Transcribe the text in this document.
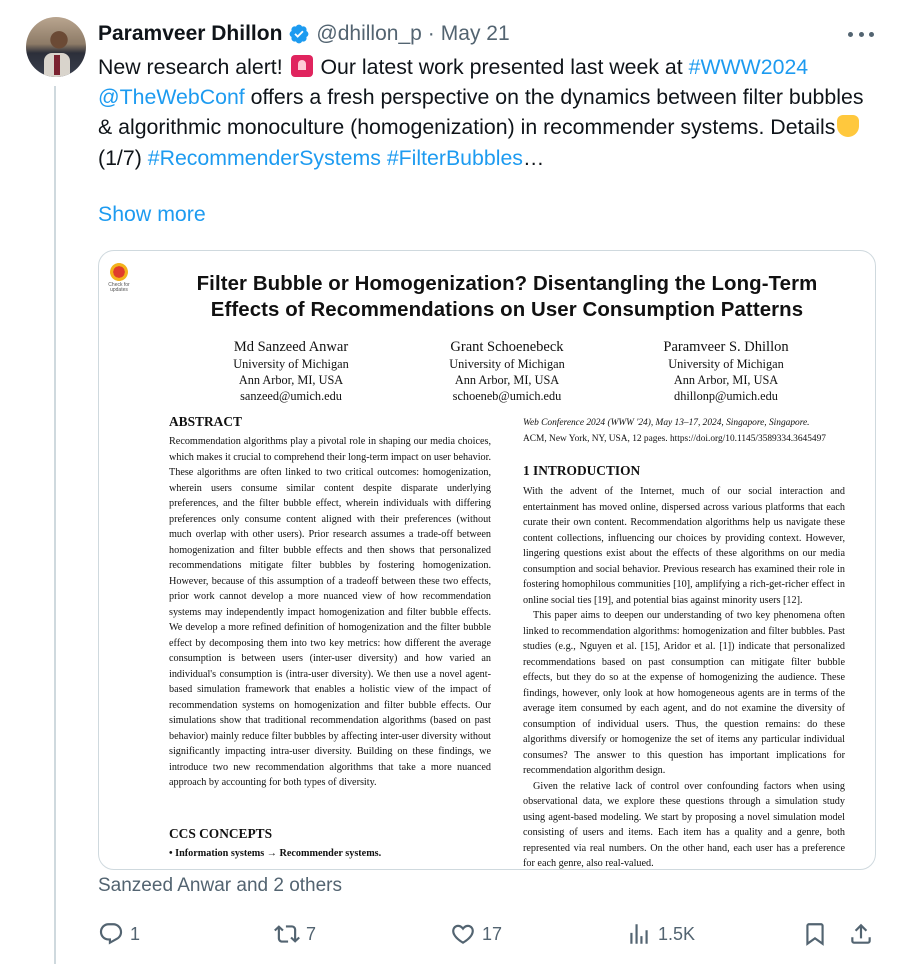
Paramveer Dhillon @dhillon_p · May 21
New research alert!  Our latest work presented last week at #WWW2024 @TheWebConf offers a fresh perspective on the dynamics between filter bubbles & algorithmic monoculture (homogenization) in recommender systems. Details (1/7) #RecommenderSystems #FilterBubbles…
Show more
Check for updates	Filter Bubble or Homogenization? Disentangling the Long-Term
Effects of Recommendations on User Consumption Patterns
Md Sanzeed Anwar
University of Michigan
Ann Arbor, MI, USA
sanzeed@umich.edu
Grant Schoenebeck
University of Michigan
Ann Arbor, MI, USA
schoeneb@umich.edu
Paramveer S. Dhillon
University of Michigan
Ann Arbor, MI, USA
dhillonp@umich.edu
ABSTRACT
Recommendation algorithms play a pivotal role in shaping our media choices, which makes it crucial to comprehend their long-term impact on user behavior. These algorithms are often linked to two critical outcomes: homogenization, wherein users consume similar content despite disparate underlying preferences, and the filter bubble effect, wherein individuals with differing preferences only consume content aligned with their preferences (without much overlap with other users). Prior research assumes a trade-off between homogenization and filter bubble effects and then shows that personalized recommendations mitigate filter bubbles by fostering homogenization. However, because of this assumption of a tradeoff between these two effects, prior work cannot develop a more nuanced view of how recommendation systems may independently impact homogenization and filter bubble effects. We develop a more refined definition of homogenization and the filter bubble effect by decomposing them into two key metrics: how different the average consumption is between users (inter-user diversity) and how varied an individual's consumption is (intra-user diversity). We then use a novel agent-based simulation framework that enables a holistic view of the impact of recommendation systems on homogenization and filter bubble effects. Our simulations show that traditional recommendation algorithms (based on past behavior) mainly reduce filter bubbles by affecting inter-user diversity without significantly impacting intra-user diversity. Building on these findings, we introduce two new recommendation algorithms that take a more nuanced approach by accounting for both types of diversity.
CCS CONCEPTS
• Information systems → Recommender systems.
Web Conference 2024 (WWW '24), May 13–17, 2024, Singapore, Singapore.
ACM, New York, NY, USA, 12 pages. https://doi.org/10.1145/3589334.3645497
1 INTRODUCTION

With the advent of the Internet, much of our social interaction and entertainment has moved online, dispersed across various platforms that each curate their own content. Recommendation algorithms help us navigate these content collections, influencing our choices by providing context. However, lingering questions exist about the effects of these algorithms on our media consumption and social behavior. Previous research has examined their role in fostering homophilous communities [10], amplifying a rich-get-richer effect in online social ties [19], and potential bias against minority users [12].

This paper aims to deepen our understanding of two key phenomena often linked to recommendation algorithms: homogenization and filter bubbles. Past studies (e.g., Nguyen et al. [15], Aridor et al. [1]) indicate that personalized recommendations based on past consumption can mitigate filter bubble effects, but they do so at the expense of homogenizing the audience. These findings, however, only look at how homogeneous agents are in terms of the average item consumed by each agent, and do not examine the diversity of consumption of individual users. Thus, the question remains: do these algorithms diversify or homogenize the set of items any particular individual consumes? The answer to this question has important implications for recommendation algorithm design.

Given the relative lack of control over confounding factors when using observational data, we explore these questions through a simulation study using agent-based modeling. We start by proposing a novel simulation model consisting of users and items. Each item has a quality and a genre, both represented via real numbers. On the other hand, each user has a preference for each genre, also real-valued.

Sanzeed Anwar and 2 others
1	7	17	1.5K
